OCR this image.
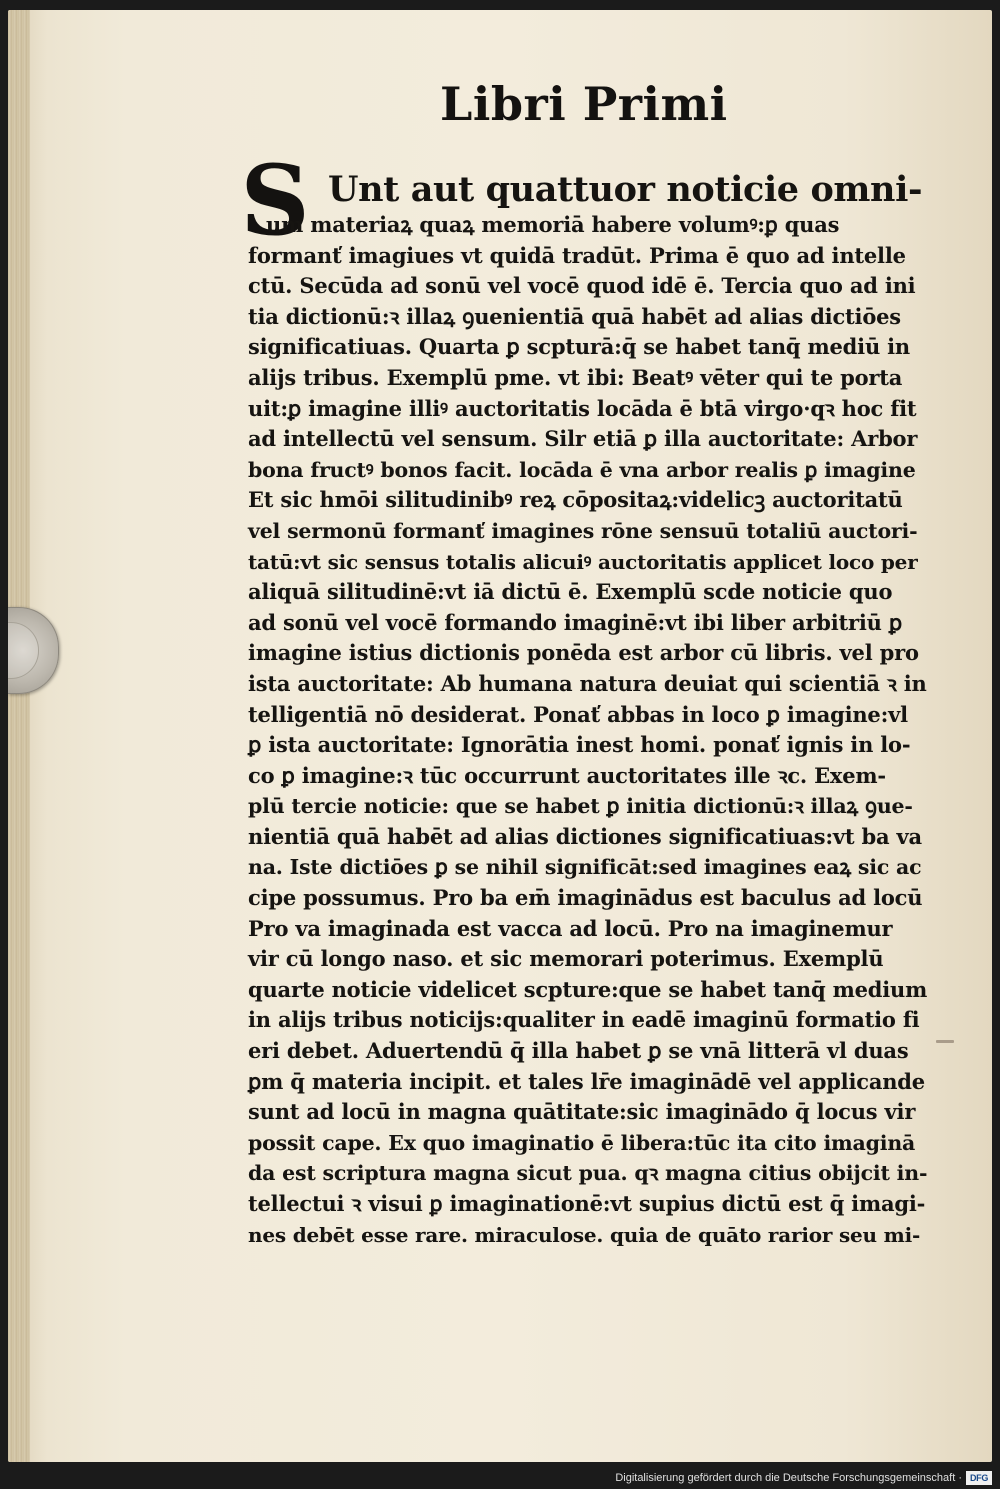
Libri Primi
S Unt aut quattuor noticie omni-
um materiaꝝ quaꝝ memoriā habere volumꝰ:ꝑ quas
formanť imagiues vt quidā tradūt. Prima ē quo ad intelle
ctū. Secūda ad sonū vel vocē quod idē ē. Tercia quo ad ini
tia dictionū:ꝛ illaꝝ ꝯuenientiā quā habēt ad alias dictiōes
significatiuas. Quarta ꝑ scpturā:q̄ se habet tanq̄ mediū in
alijs tribus. Exemplū pme. vt ibi: Beatꝰ vēter qui te porta
uit:ꝑ imagine illiꝰ auctoritatis locāda ē btā virgo·qꝛ hoc fit
ad intellectū vel sensum. Silr etiā ꝑ illa auctoritate: Arbor
bona fructꝰ bonos facit. locāda ē vna arbor realis ꝑ imagine
Et sic hmōi silitudinibꝰ reꝝ cōpositaꝝ:videlicꝫ auctoritatū
vel sermonū formanť imagines rōne sensuū totaliū auctori-
tatū:vt sic sensus totalis alicuiꝰ auctoritatis applicet loco per
aliquā silitudinē:vt iā dictū ē. Exemplū scde noticie quo
ad sonū vel vocē formando imaginē:vt ibi liber arbitriū ꝑ
imagine istius dictionis ponēda est arbor cū libris. vel pro
ista auctoritate: Ab humana natura deuiat qui scientiā ꝛ in
telligentiā nō desiderat. Ponať abbas in loco ꝑ imagine:vl
ꝑ ista auctoritate: Ignorātia inest homi. ponať ignis in lo-
co ꝑ imagine:ꝛ tūc occurrunt auctoritates ille ꝛc. Exem-
plū tercie noticie: que se habet ꝑ initia dictionū:ꝛ illaꝝ ꝯue-
nientiā quā habēt ad alias dictiones significatiuas:vt ba va
na. Iste dictiōes ꝑ se nihil significāt:sed imagines eaꝝ sic ac
cipe possumus. Pro ba em̄ imaginādus est baculus ad locū
Pro va imaginada est vacca ad locū. Pro na imaginemur
vir cū longo naso. et sic memorari poterimus. Exemplū
quarte noticie videlicet scpture:que se habet tanq̄ medium
in alijs tribus noticijs:qualiter in eadē imaginū formatio fi
eri debet. Aduertendū q̄ illa habet ꝑ se vnā litterā vl duas
ꝑm q̄ materia incipit. et tales lr̄e imaginādē vel applicande
sunt ad locū in magna quātitate:sic imaginādo q̄ locus vir
possit cape. Ex quo imaginatio ē libera:tūc ita cito imaginā
da est scriptura magna sicut pua. qꝛ magna citius obijcit in-
tellectui ꝛ visui ꝑ imaginationē:vt supius dictū est q̄ imagi-
nes debēt esse rare. miraculose. quia de quāto rarior seu mi-
Digitalisierung gefördert durch die Deutsche Forschungsgemeinschaft · DFG
